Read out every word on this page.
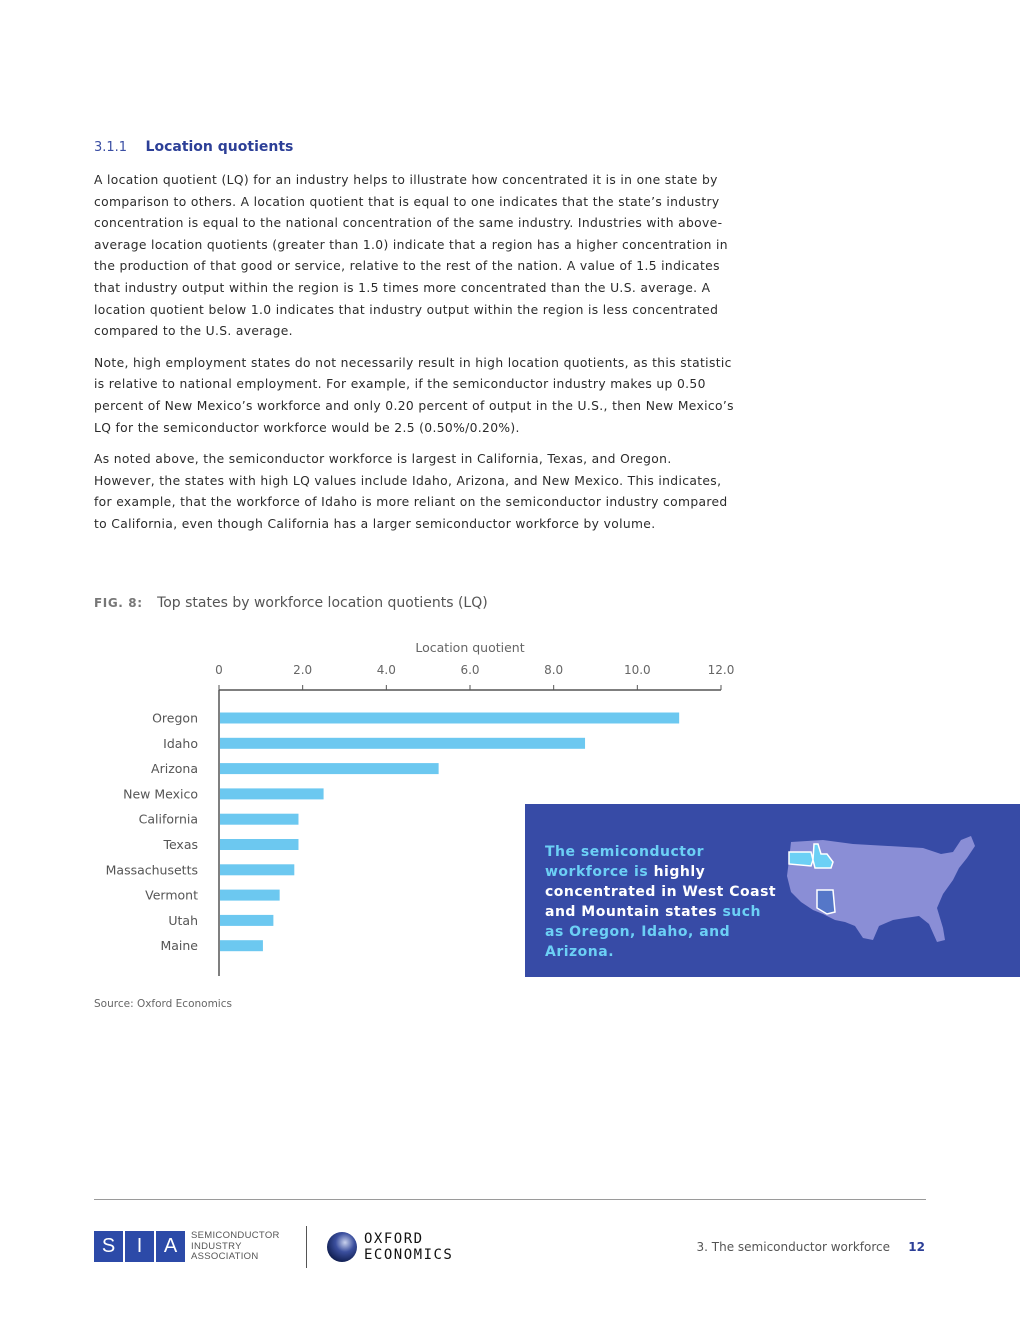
3.1.1 Location quotients

A location quotient (LQ) for an industry helps to illustrate how concentrated it is in one state by comparison to others. A location quotient that is equal to one indicates that the state’s industry concentration is equal to the national concentration of the same industry. Industries with above-average location quotients (greater than 1.0) indicate that a region has a higher concentration in the production of that good or service, relative to the rest of the nation. A value of 1.5 indicates that industry output within the region is 1.5 times more concentrated than the U.S. average. A location quotient below 1.0 indicates that industry output within the region is less concentrated compared to the U.S. average.

Note, high employment states do not necessarily result in high location quotients, as this statistic is relative to national employment. For example, if the semiconductor industry makes up 0.50 percent of New Mexico’s workforce and only 0.20 percent of output in the U.S., then New Mexico’s LQ for the semiconductor workforce would be 2.5 (0.50%/0.20%).

As noted above, the semiconductor workforce is largest in California, Texas, and Oregon. However, the states with high LQ values include Idaho, Arizona, and New Mexico. This indicates, for example, that the workforce of Idaho is more reliant on the semiconductor industry compared to California, even though California has a larger semiconductor workforce by volume.

FIG. 8: Top states by workforce location quotients (LQ)
Location quotient
0	2.0	4.0	6.0	8.0	10.0	12.0
Oregon
Idaho
Arizona
New Mexico
California
Texas
Massachusetts
Vermont
Utah
Maine
Source: Oxford Economics
The semiconductor workforce is highly concentrated in West Coast and Mountain states such as Oregon, Idaho, and Arizona.
S	I	A	SEMICONDUCTOR
INDUSTRY
ASSOCIATION
OXFORD
ECONOMICS	3. The semiconductor workforce 12
